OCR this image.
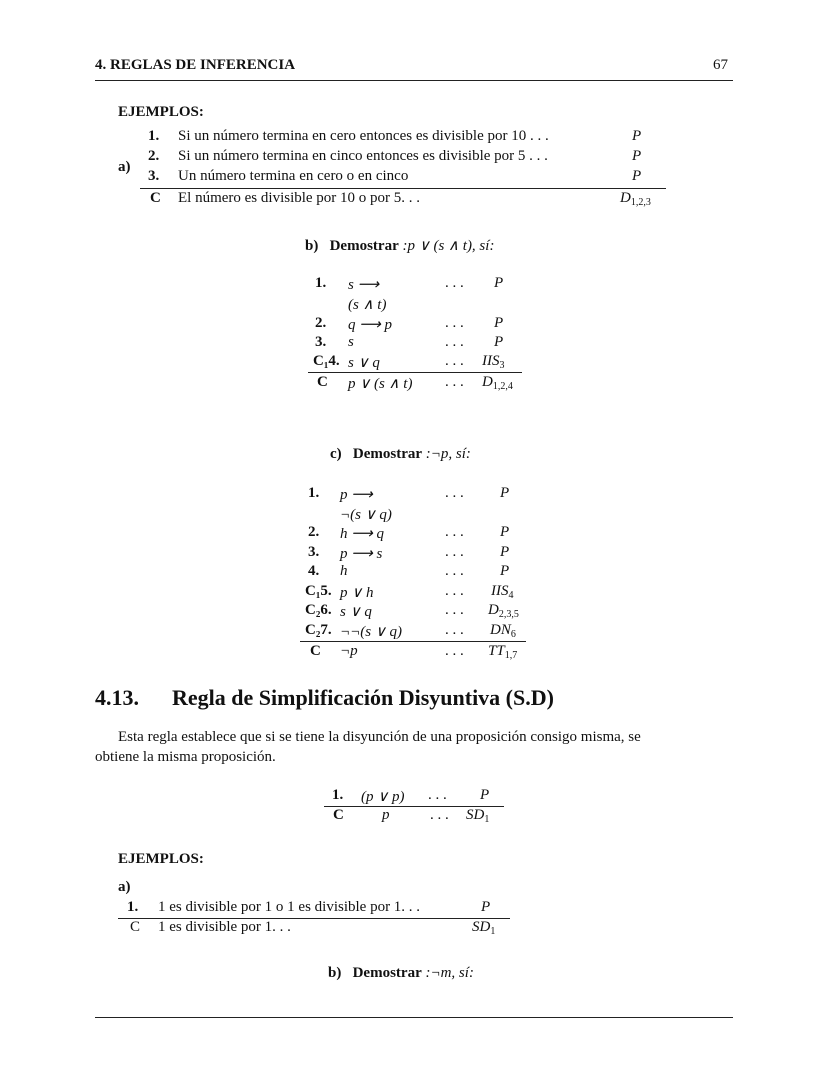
4. REGLAS DE INFERENCIA	67
EJEMPLOS:
a)
1. Si un número termina en cero entonces es divisible por 10 . . .	P
2. Si un número termina en cinco entonces es divisible por 5 . . .	P
3. Un número termina en cero o en cinco	P
C El número es divisible por 10 o por 5. . .	$D_{1,2,3}$
b) Demostrar :p ∨ (s ∧ t), sí:
1. s ⟶	. . . P
(s ∧ t)
2. q ⟶ p	. . . P
3. s	. . . P
C₁4. s ∨ q	. . . $IIS_3$
C p ∨ (s ∧ t) . . . $D_{1,2,4}$
c) Demostrar :¬p, sí:
1. p ⟶	. . . P
¬(s ∨ q)
2. h ⟶ q	. . . P
3. p ⟶ s	. . . P
4. h	. . . P
C₁5. p ∨ h	. . . $IIS_4$
C₂6. s ∨ q	. . . $D_{2,3,5}$
C₂7. ¬¬(s ∨ q)	. . . $DN_6$
C ¬p	. . . $TT_{1,7}$
4.13. Regla de Simplificación Disyuntiva (S.D)
Esta regla establece que si se tiene la disyunción de una proposición consigo misma, se
obtiene la misma proposición.
1. (p ∨ p) . . . P
C	p	. . . $SD_1$
EJEMPLOS:
a)
1. 1 es divisible por 1 o 1 es divisible por 1. . .	P
C 1 es divisible por 1. . .	$SD_1$
b) Demostrar :¬m, sí:
